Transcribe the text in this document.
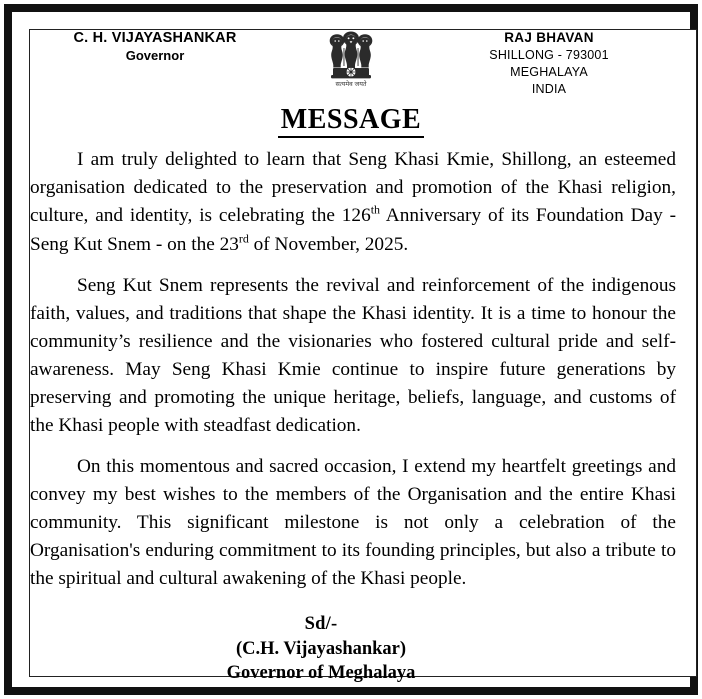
C. H. VIJAYASHANKAR
Governor
सत्यमेव जयते
RAJ BHAVAN
SHILLONG - 793001
MEGHALAYA
INDIA
MESSAGE

I am truly delighted to learn that Seng Khasi Kmie, Shillong, an esteemed organisation dedicated to the preservation and promotion of the Khasi religion, culture, and identity, is celebrating the 126th Anniversary of its Foundation Day - Seng Kut Snem - on the 23rd of November, 2025.

Seng Kut Snem represents the revival and reinforcement of the indigenous faith, values, and traditions that shape the Khasi identity. It is a time to honour the community’s resilience and the visionaries who fostered cultural pride and self-awareness. May Seng Khasi Kmie continue to inspire future generations by preserving and promoting the unique heritage, beliefs, language, and customs of the Khasi people with steadfast dedication.

On this momentous and sacred occasion, I extend my heartfelt greetings and convey my best wishes to the members of the Organisation and the entire Khasi community. This significant milestone is not only a celebration of the Organisation's enduring commitment to its founding principles, but also a tribute to the spiritual and cultural awakening of the Khasi people.

Sd/-
(C.H. Vijayashankar)
Governor of Meghalaya
